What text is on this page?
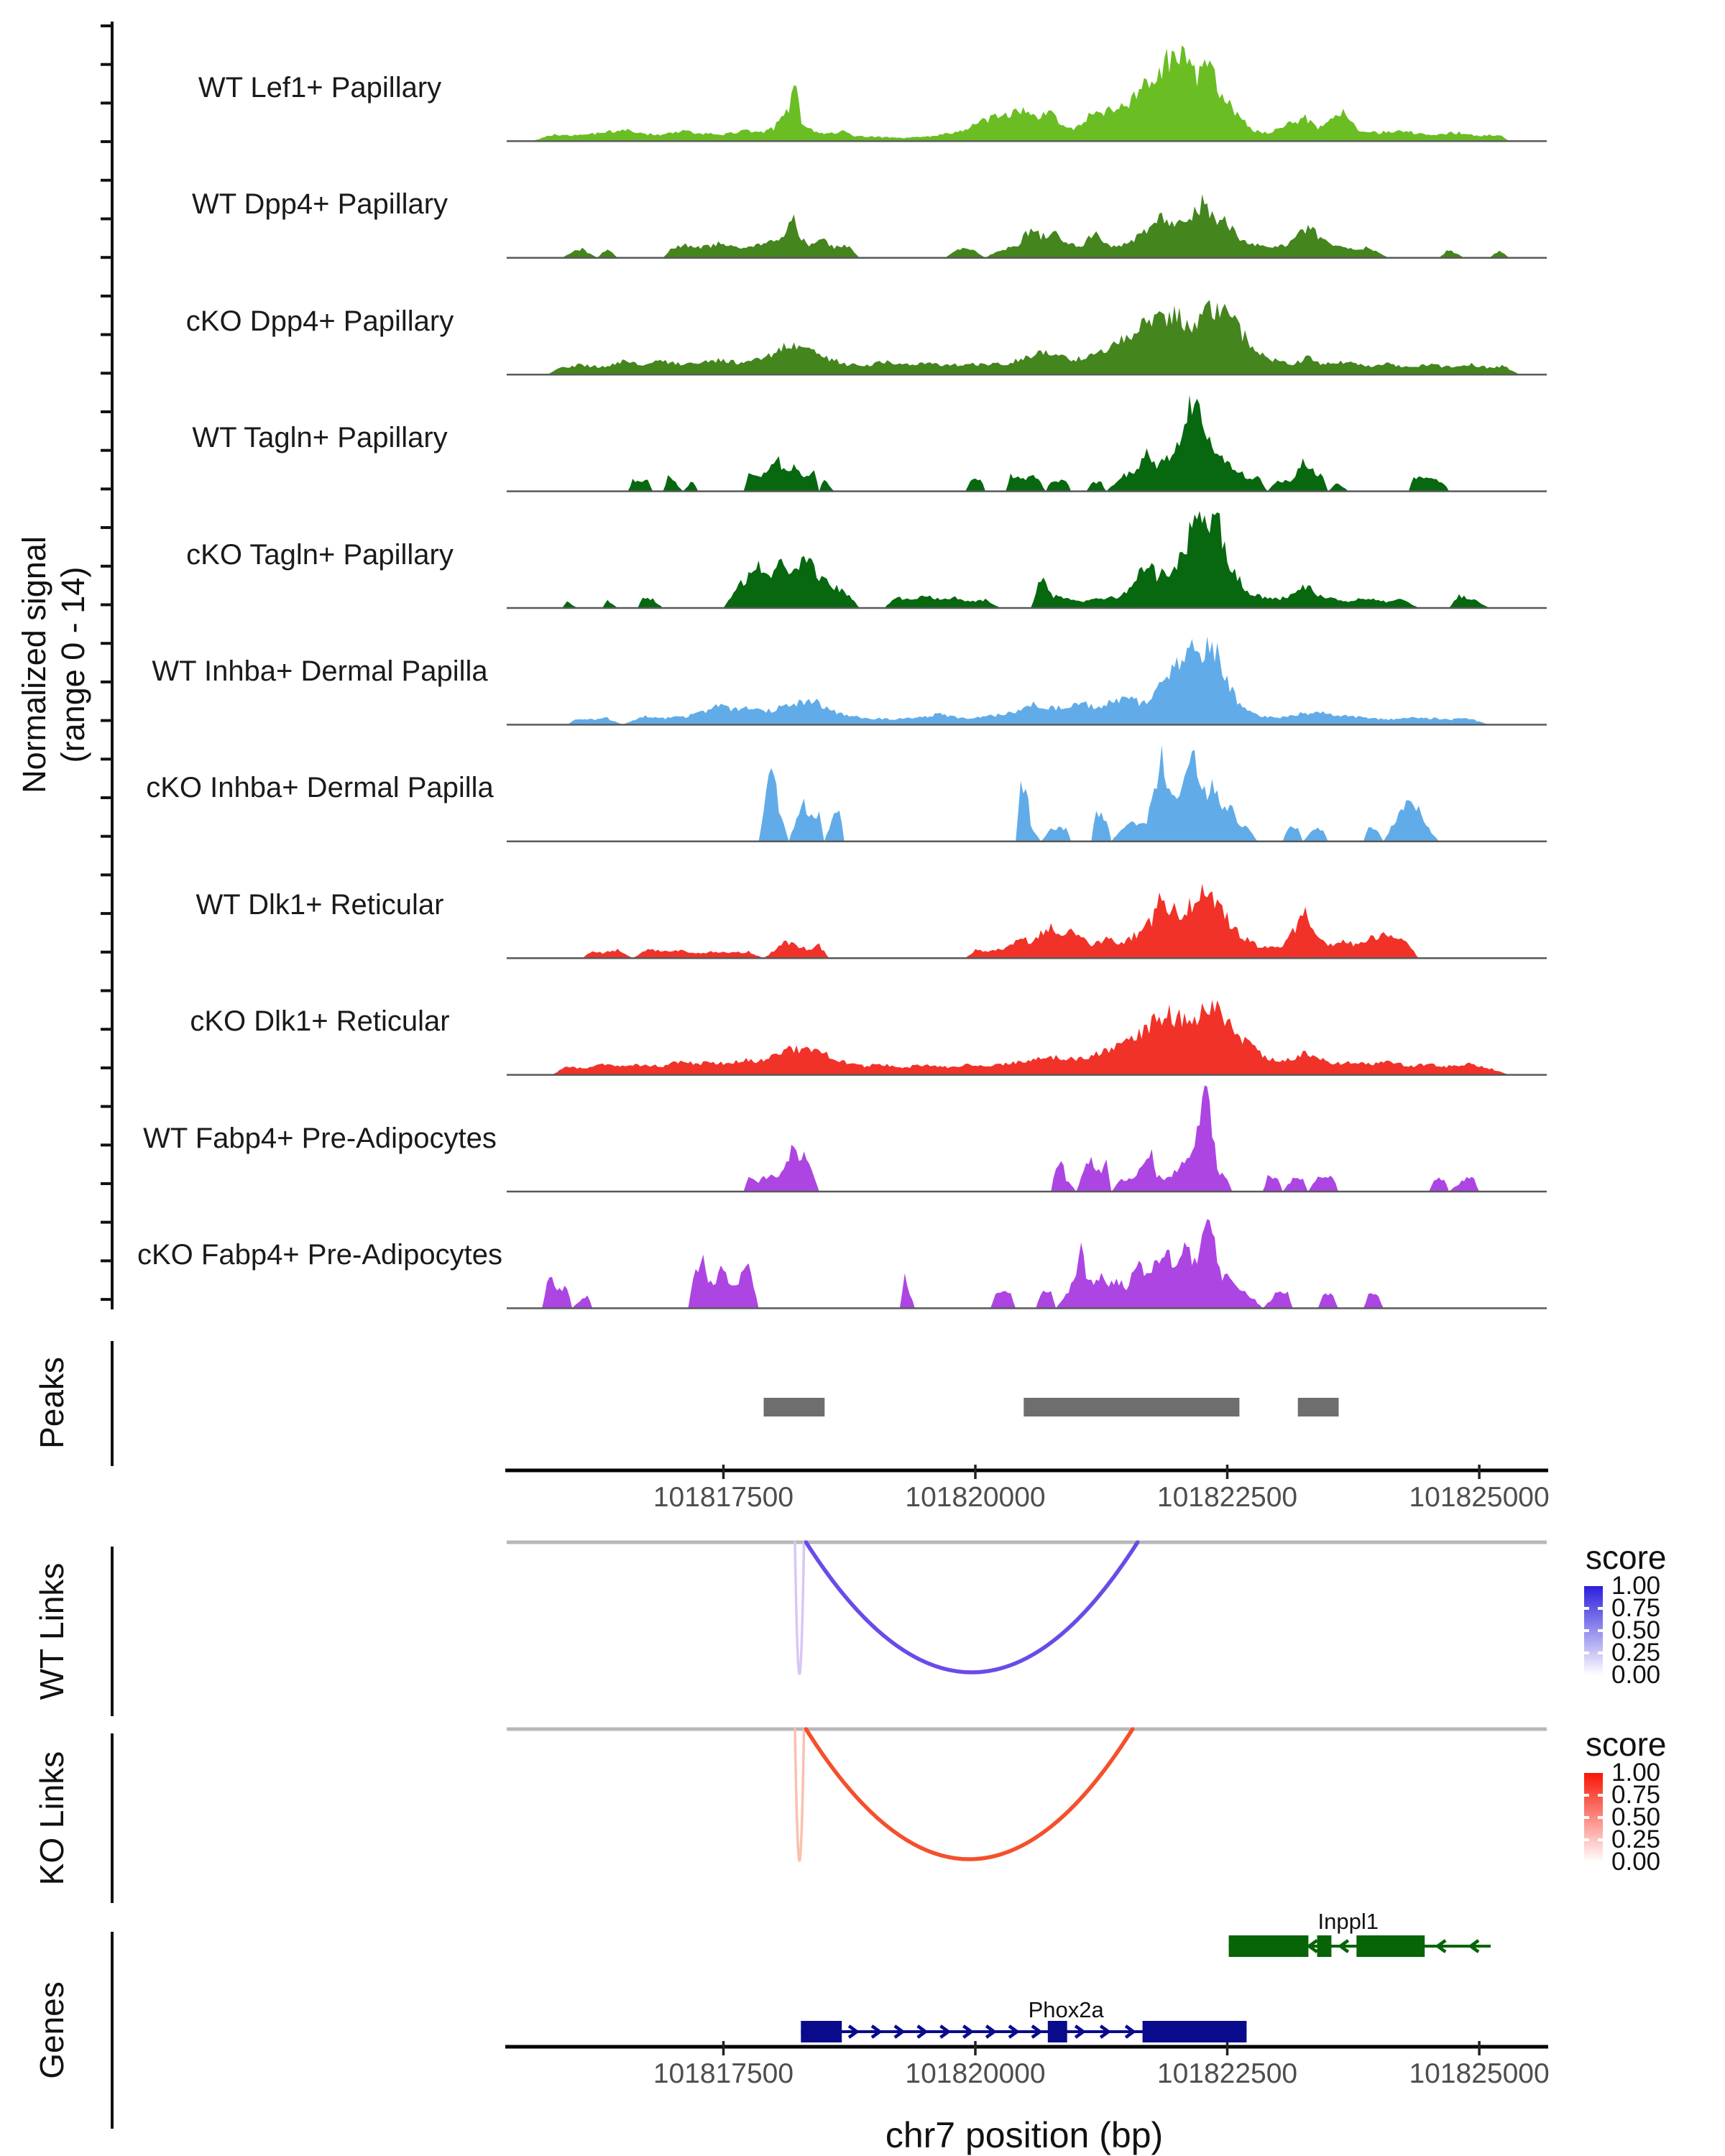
WT Lef1+ Papillary
WT Dpp4+ Papillary
cKO Dpp4+ Papillary
WT Tagln+ Papillary
cKO Tagln+ Papillary
WT Inhba+ Dermal Papilla
cKO Inhba+ Dermal Papilla
WT Dlk1+ Reticular
cKO Dlk1+ Reticular
WT Fabp4+ Pre-Adipocytes
cKO Fabp4+ Pre-Adipocytes
101817500	101820000	101822500	101825000
101817500	101820000	101822500	101825000
1.00
0.75
0.50
0.25
0.00
1.00
0.75
0.50
0.25
0.00
Inppl1
Phox2a
Normalized signal (range 0 - 14)
Peaks
WT Links
KO Links
Genes
score
score
chr7 position (bp)
